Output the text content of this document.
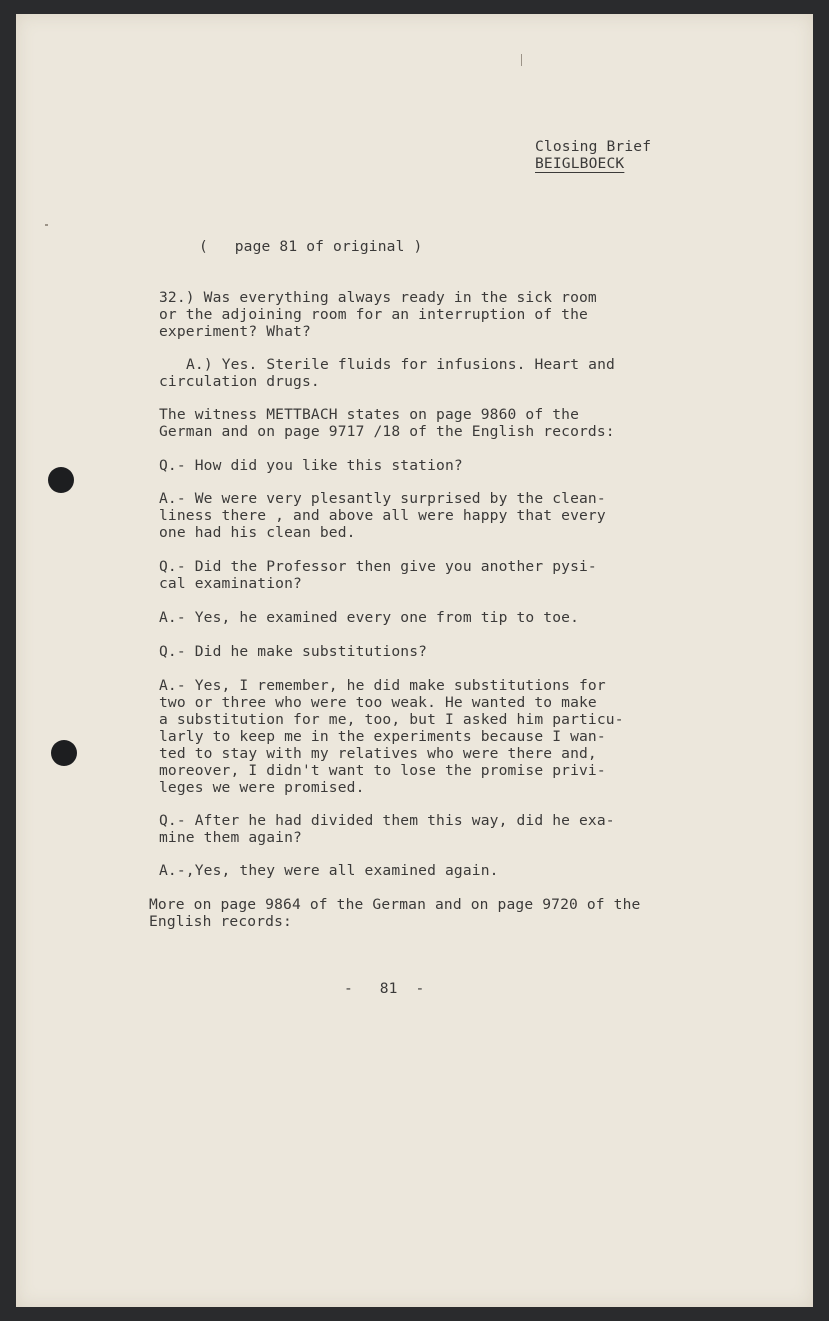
Closing Brief
BEIGLBOECK
(   page 81 of original )
32.) Was everything always ready in the sick room
or the adjoining room for an interruption of the
experiment? What?
A.) Yes. Sterile fluids for infusions. Heart and
circulation drugs.
The witness METTBACH states on page 9860 of the
German and on page 9717 /18 of the English records:
Q.- How did you like this station?
A.- We were very plesantly surprised by the clean-
liness there , and above all were happy that every
one had his clean bed.
Q.- Did the Professor then give you another pysi-
cal examination?
A.- Yes, he examined every one from tip to toe.
Q.- Did he make substitutions?
A.- Yes, I remember, he did make substitutions for
two or three who were too weak. He wanted to make
a substitution for me, too, but I asked him particu-
larly to keep me in the experiments because I wan-
ted to stay with my relatives who were there and,
moreover, I didn't want to lose the promise privi-
leges we were promised.
Q.- After he had divided them this way, did he exa-
mine them again?
A.-,Yes, they were all examined again.
More on page 9864 of the German and on page 9720 of the
English records:
-   81  -
